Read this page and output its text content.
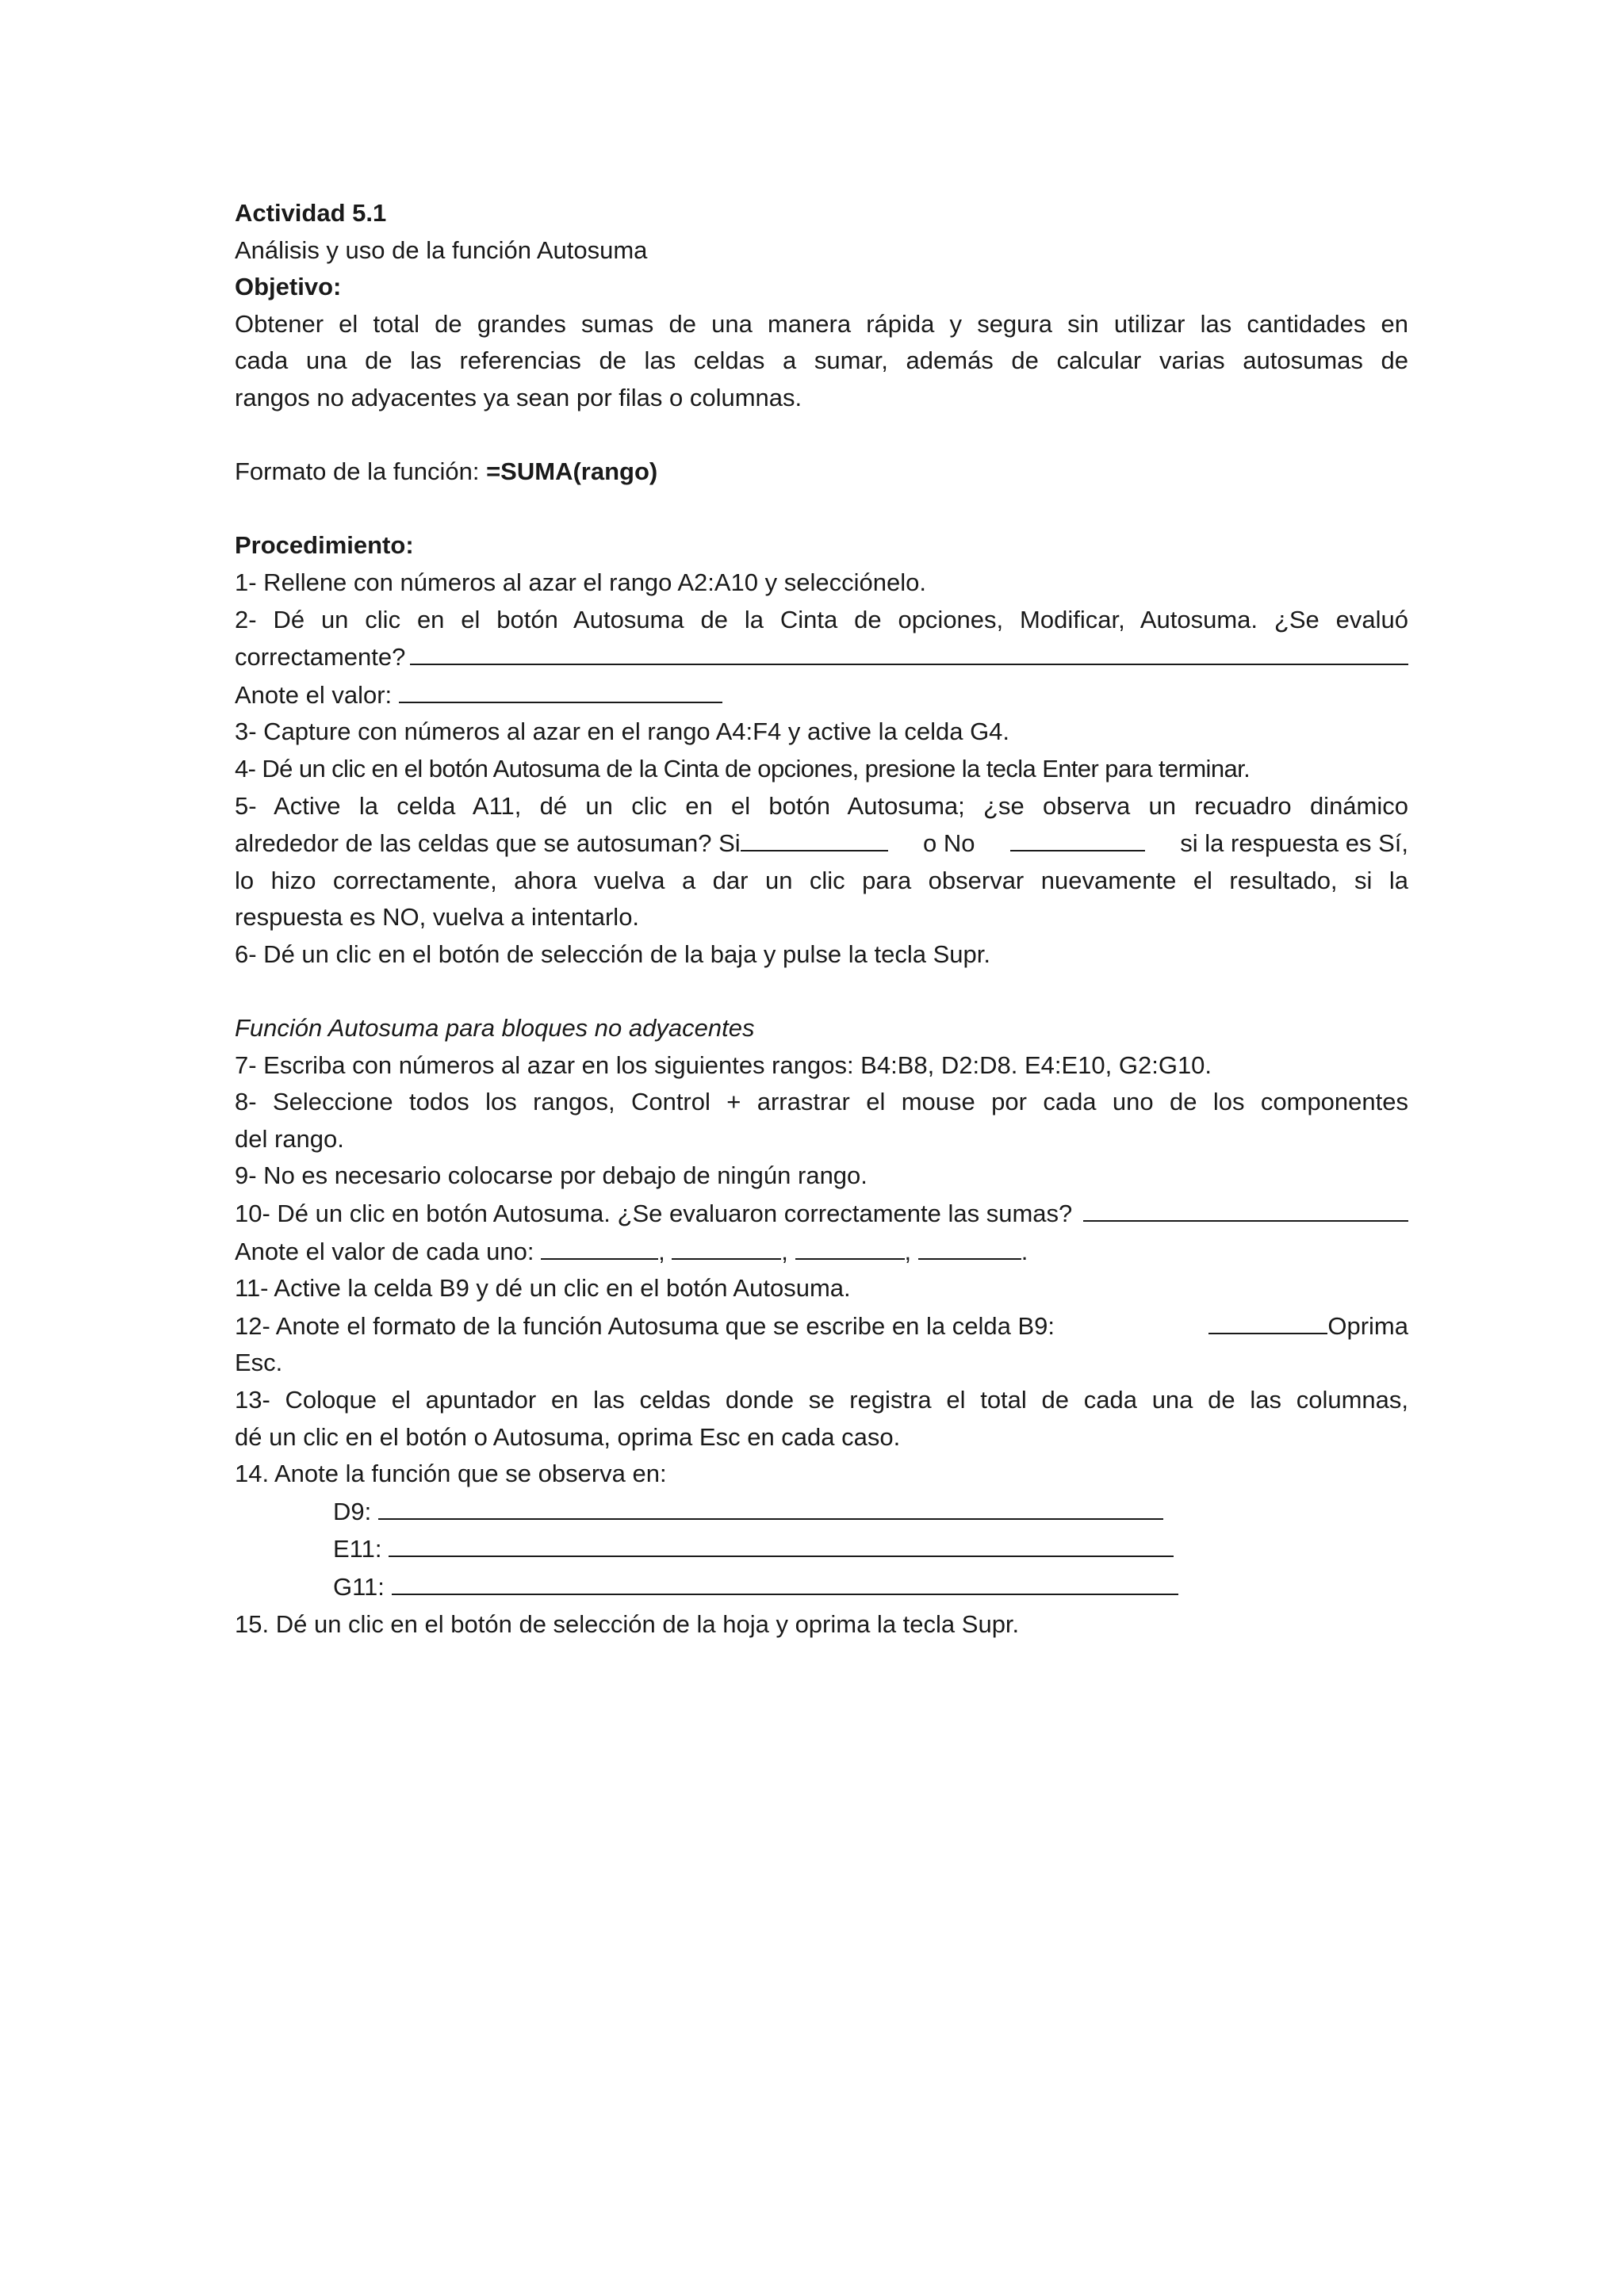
Actividad 5.1
Análisis y uso de la función Autosuma
Objetivo:
Obtener el total de grandes sumas de una manera rápida y segura sin utilizar las cantidades en
cada una de las referencias de las celdas a sumar, además de calcular varias autosumas de
rangos no adyacentes ya sean por filas o columnas.
Formato de la función: =SUMA(rango)
Procedimiento:
1- Rellene con números al azar el rango A2:A10 y selecciónelo.
2- Dé un clic en el botón Autosuma de la Cinta de opciones, Modificar, Autosuma. ¿Se evaluó
correctamente?
Anote el valor:
3- Capture con números al azar en el rango A4:F4 y active la celda G4.
4- Dé un clic en el botón Autosuma de la Cinta de opciones, presione la tecla Enter para terminar.
5- Active la celda A11, dé un clic en el botón Autosuma; ¿se observa un recuadro dinámico
alrededor de las celdas que se autosuman? Si	o No	si la respuesta es Sí,
lo hizo correctamente, ahora vuelva a dar un clic para observar nuevamente el resultado, si la
respuesta es NO, vuelva a intentarlo.
6- Dé un clic en el botón de selección de la baja y pulse la tecla Supr.
Función Autosuma para bloques no adyacentes
7- Escriba con números al azar en los siguientes rangos: B4:B8, D2:D8. E4:E10, G2:G10.
8- Seleccione todos los rangos, Control + arrastrar el mouse por cada uno de los componentes
del rango.
9- No es necesario colocarse por debajo de ningún rango.
10- Dé un clic en botón Autosuma. ¿Se evaluaron correctamente las sumas?
Anote el valor de cada uno:	,	,	,	.
11- Active la celda B9 y dé un clic en el botón Autosuma.
12- Anote el formato de la función Autosuma que se escribe en la celda B9:	Oprima
Esc.
13- Coloque el apuntador en las celdas donde se registra el total de cada una de las columnas,
dé un clic en el botón o Autosuma, oprima Esc en cada caso.
14. Anote la función que se observa en:
D9:
E11:
G11:
15. Dé un clic en el botón de selección de la hoja y oprima la tecla Supr.
